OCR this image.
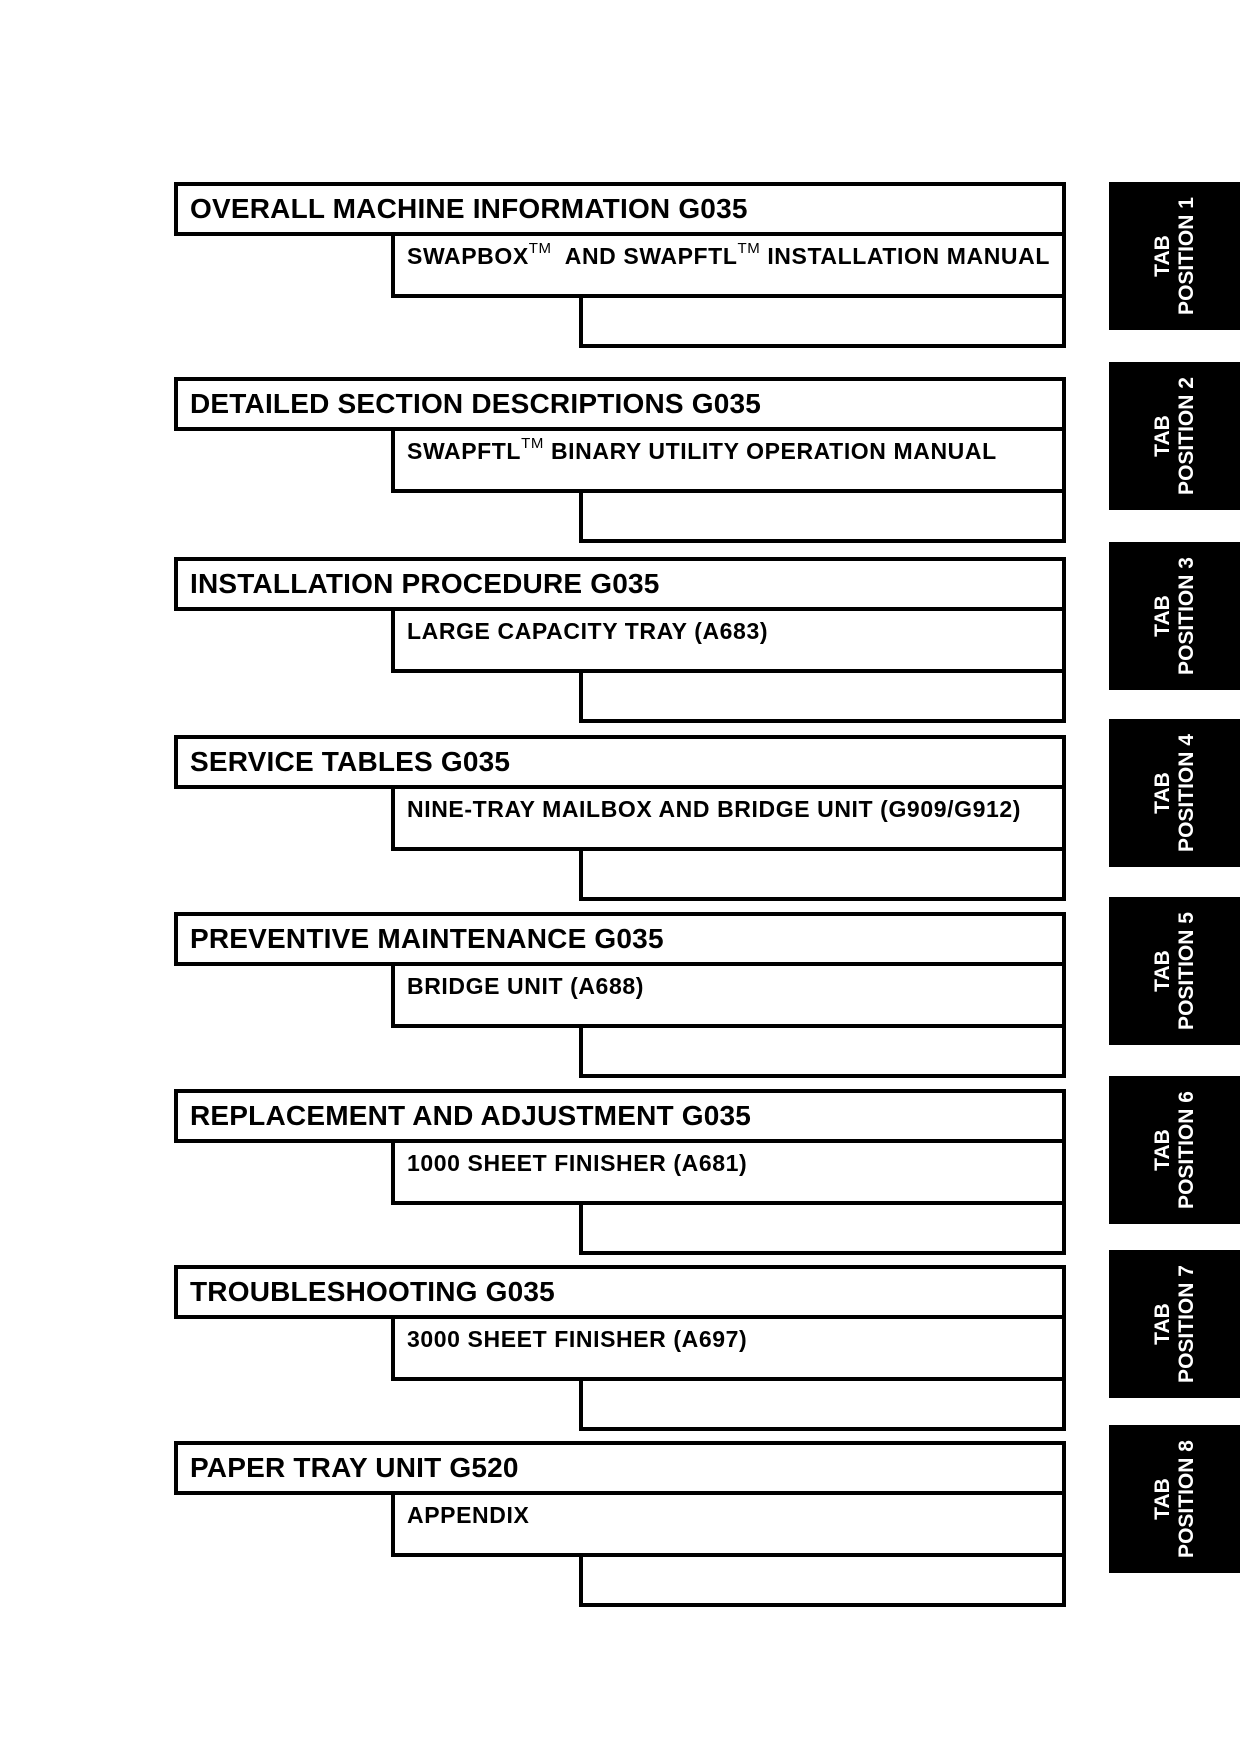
OVERALL MACHINE INFORMATION G035
SWAPBOX™  AND SWAPFTL™ INSTALLATION MANUAL	TAB POSITION 1
DETAILED SECTION DESCRIPTIONS G035
SWAPFTL™ BINARY UTILITY OPERATION MANUAL	TAB POSITION 2
INSTALLATION PROCEDURE G035
LARGE CAPACITY TRAY (A683)	TAB POSITION 3
SERVICE TABLES G035
NINE-TRAY MAILBOX AND BRIDGE UNIT (G909/G912)	TAB POSITION 4
PREVENTIVE MAINTENANCE G035
BRIDGE UNIT (A688)	TAB POSITION 5
REPLACEMENT AND ADJUSTMENT G035
1000 SHEET FINISHER (A681)	TAB POSITION 6
TROUBLESHOOTING G035
3000 SHEET FINISHER (A697)	TAB POSITION 7
PAPER TRAY UNIT G520
APPENDIX	TAB POSITION 8
